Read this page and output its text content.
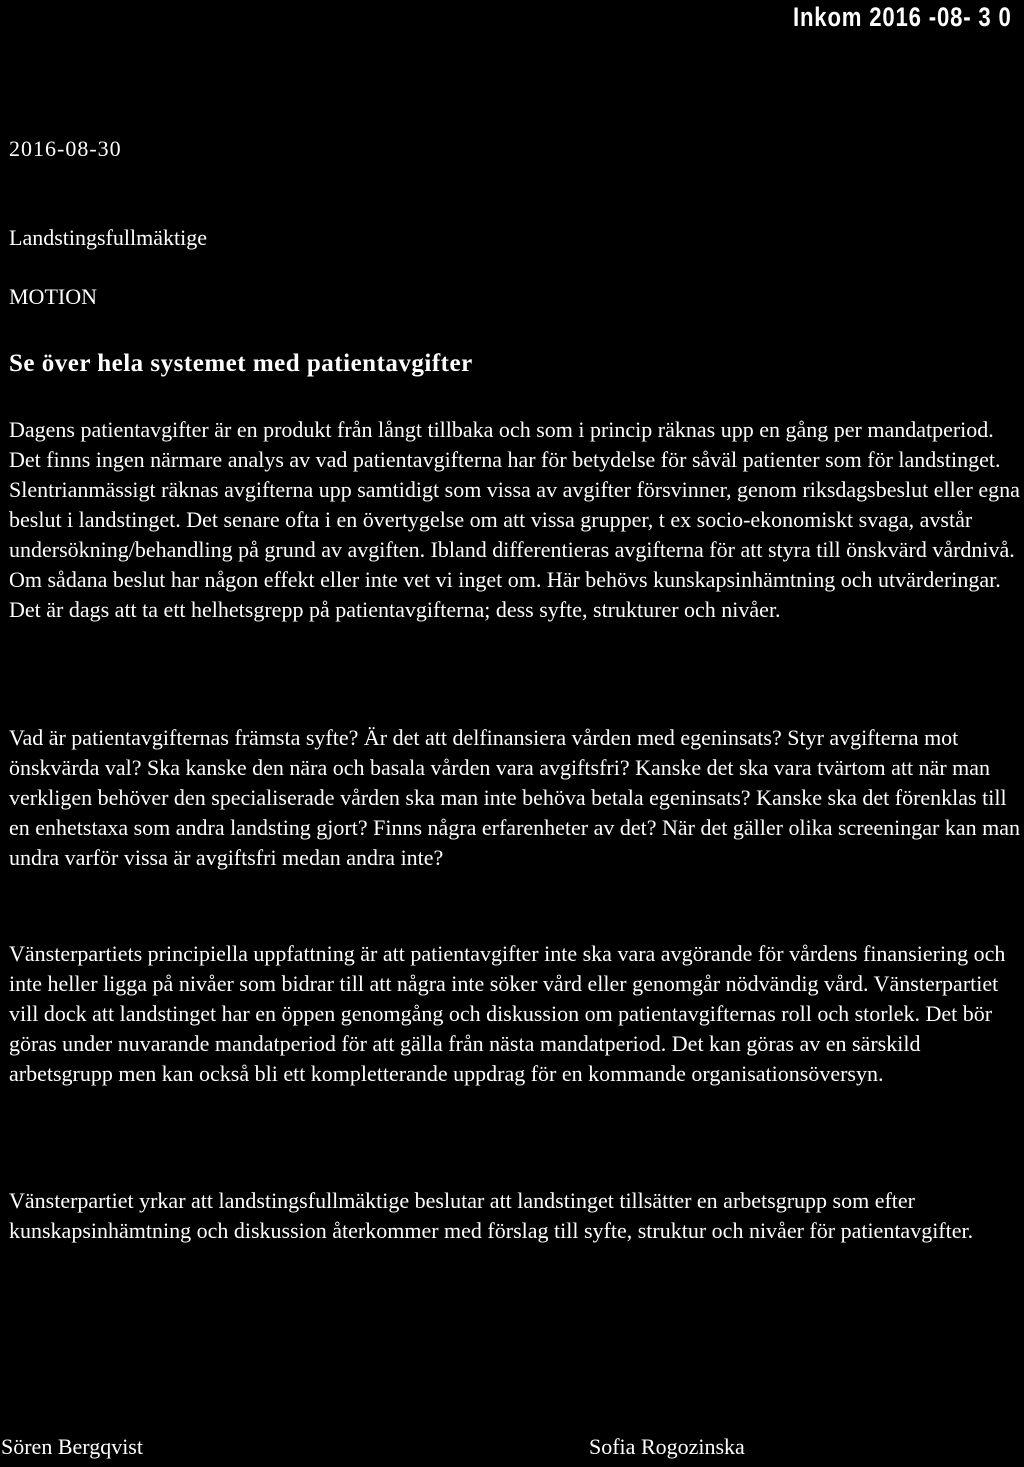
Inkom 2016 -08- 3 0
2016-08-30
Landstingsfullmäktige
MOTION
Se över hela systemet med patientavgifter

Dagens patientavgifter är en produkt från långt tillbaka och som i princip räknas upp en gång per mandatperiod. Det finns ingen närmare analys av vad patientavgifterna har för betydelse för såväl patienter som för landstinget. Slentrianmässigt räknas avgifterna upp samtidigt som vissa av avgifter försvinner, genom riksdagsbeslut eller egna beslut i landstinget. Det senare ofta i en övertygelse om att vissa grupper, t ex socio-ekonomiskt svaga, avstår undersökning/behandling på grund av avgiften. Ibland differentieras avgifterna för att styra till önskvärd vårdnivå. Om sådana beslut har någon effekt eller inte vet vi inget om. Här behövs kunskapsinhämtning och utvärderingar. Det är dags att ta ett helhetsgrepp på patientavgifterna; dess syfte, strukturer och nivåer.

Vad är patientavgifternas främsta syfte? Är det att delfinansiera vården med egeninsats? Styr avgifterna mot önskvärda val? Ska kanske den nära och basala vården vara avgiftsfri? Kanske det ska vara tvärtom att när man verkligen behöver den specialiserade vården ska man inte behöva betala egeninsats? Kanske ska det förenklas till en enhetstaxa som andra landsting gjort? Finns några erfarenheter av det? När det gäller olika screeningar kan man undra varför vissa är avgiftsfri medan andra inte?

Vänsterpartiets principiella uppfattning är att patientavgifter inte ska vara avgörande för vårdens finansiering och inte heller ligga på nivåer som bidrar till att några inte söker vård eller genomgår nödvändig vård. Vänsterpartiet vill dock att landstinget har en öppen genomgång och diskussion om patientavgifternas roll och storlek. Det bör göras under nuvarande mandatperiod för att gälla från nästa mandatperiod. Det kan göras av en särskild arbetsgrupp men kan också bli ett kompletterande uppdrag för en kommande organisationsöversyn.

Vänsterpartiet yrkar att landstingsfullmäktige beslutar att landstinget tillsätter en arbetsgrupp som efter kunskapsinhämtning och diskussion återkommer med förslag till syfte, struktur och nivåer för patientavgifter.

Sören Bergqvist	Sofia Rogozinska
